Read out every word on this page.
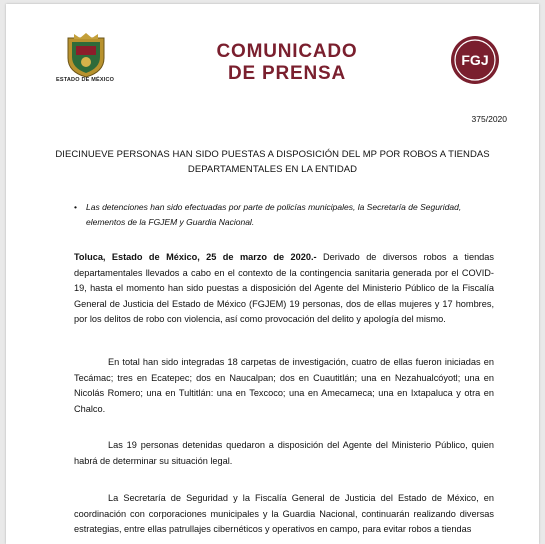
ESTADO DE MÉXICO
COMUNICADO
DE PRENSA
FGJ
375/2020
DIECINUEVE PERSONAS HAN SIDO PUESTAS A DISPOSICIÓN DEL MP POR ROBOS A TIENDAS
DEPARTAMENTALES EN LA ENTIDAD
• Las detenciones han sido efectuadas por parte de policías municipales, la Secretaría de Seguridad, elementos de la FGJEM y Guardia Nacional.
Toluca, Estado de México, 25 de marzo de 2020.- Derivado de diversos robos a tiendas departamentales llevados a cabo en el contexto de la contingencia sanitaria generada por el COVID-19, hasta el momento han sido puestas a disposición del Agente del Ministerio Público de la Fiscalía General de Justicia del Estado de México (FGJEM) 19 personas, dos de ellas mujeres y 17 hombres, por los delitos de robo con violencia, así como provocación del delito y apología del mismo.
En total han sido integradas 18 carpetas de investigación, cuatro de ellas fueron iniciadas en Tecámac; tres en Ecatepec; dos en Naucalpan; dos en Cuautitlán; una en Nezahualcóyotl; una en Nicolás Romero; una en Tultitlán: una en Texcoco; una en Amecameca; una en Ixtapaluca y otra en Chalco.
Las 19 personas detenidas quedaron a disposición del Agente del Ministerio Público, quien habrá de determinar su situación legal.
La Secretaría de Seguridad y la Fiscalía General de Justicia del Estado de México, en coordinación con corporaciones municipales y la Guardia Nacional, continuarán realizando diversas estrategias, entre ellas patrullajes cibernéticos y operativos en campo, para evitar robos a tiendas
